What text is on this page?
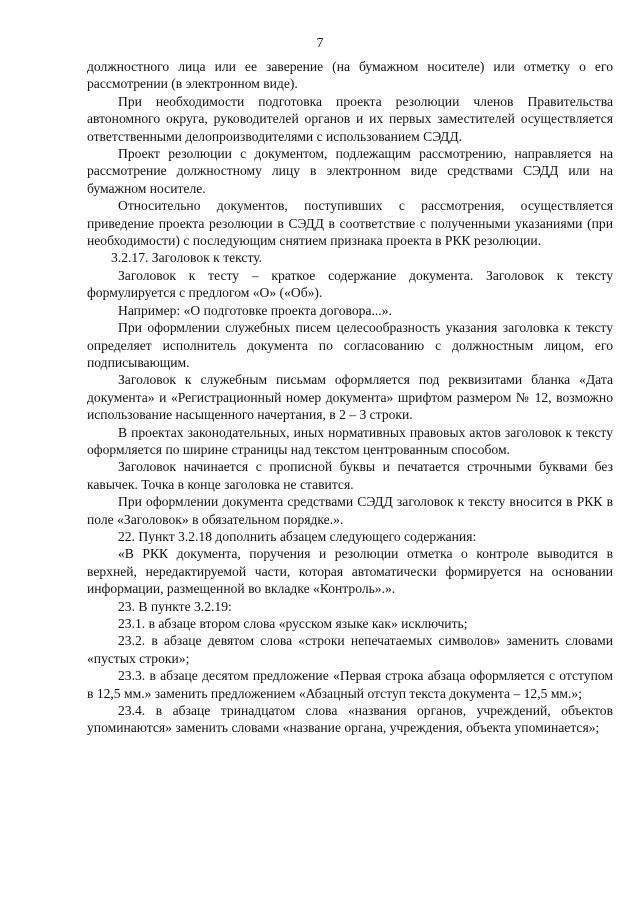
7

должностного лица или ее заверение (на бумажном носителе) или отметку о его рассмотрении (в электронном виде).

При необходимости подготовка проекта резолюции членов Правительства автономного округа, руководителей органов и их первых заместителей осуществляется ответственными делопроизводителями с использованием СЭДД.

Проект резолюции с документом, подлежащим рассмотрению, направляется на рассмотрение должностному лицу в электронном виде средствами СЭДД или на бумажном носителе.

Относительно документов, поступивших с рассмотрения, осуществляется приведение проекта резолюции в СЭДД в соответствие с полученными указаниями (при необходимости) с последующим снятием признака проекта в РКК резолюции.

3.2.17. Заголовок к тексту.

Заголовок к тесту – краткое содержание документа. Заголовок к тексту формулируется с предлогом «О» («Об»).

Например: «О подготовке проекта договора...».

При оформлении служебных писем целесообразность указания заголовка к тексту определяет исполнитель документа по согласованию с должностным лицом, его подписывающим.

Заголовок к служебным письмам оформляется под реквизитами бланка «Дата документа» и «Регистрационный номер документа» шрифтом размером № 12, возможно использование насыщенного начертания, в 2 – 3 строки.

В проектах законодательных, иных нормативных правовых актов заголовок к тексту оформляется по ширине страницы над текстом центрованным способом.

Заголовок начинается с прописной буквы и печатается строчными буквами без кавычек. Точка в конце заголовка не ставится.

При оформлении документа средствами СЭДД заголовок к тексту вносится в РКК в поле «Заголовок» в обязательном порядке.».

22. Пункт 3.2.18 дополнить абзацем следующего содержания:

«В РКК документа, поручения и резолюции отметка о контроле выводится в верхней, нередактируемой части, которая автоматически формируется на основании информации, размещенной во вкладке «Контроль».».

23. В пункте 3.2.19:

23.1. в абзаце втором слова «русском языке как» исключить;

23.2. в абзаце девятом слова «строки непечатаемых символов» заменить словами «пустых строки»;

23.3. в абзаце десятом предложение «Первая строка абзаца оформляется с отступом в 12,5 мм.» заменить предложением «Абзацный отступ текста документа – 12,5 мм.»;

23.4. в абзаце тринадцатом слова «названия органов, учреждений, объектов упоминаются» заменить словами «название органа, учреждения, объекта упоминается»;
